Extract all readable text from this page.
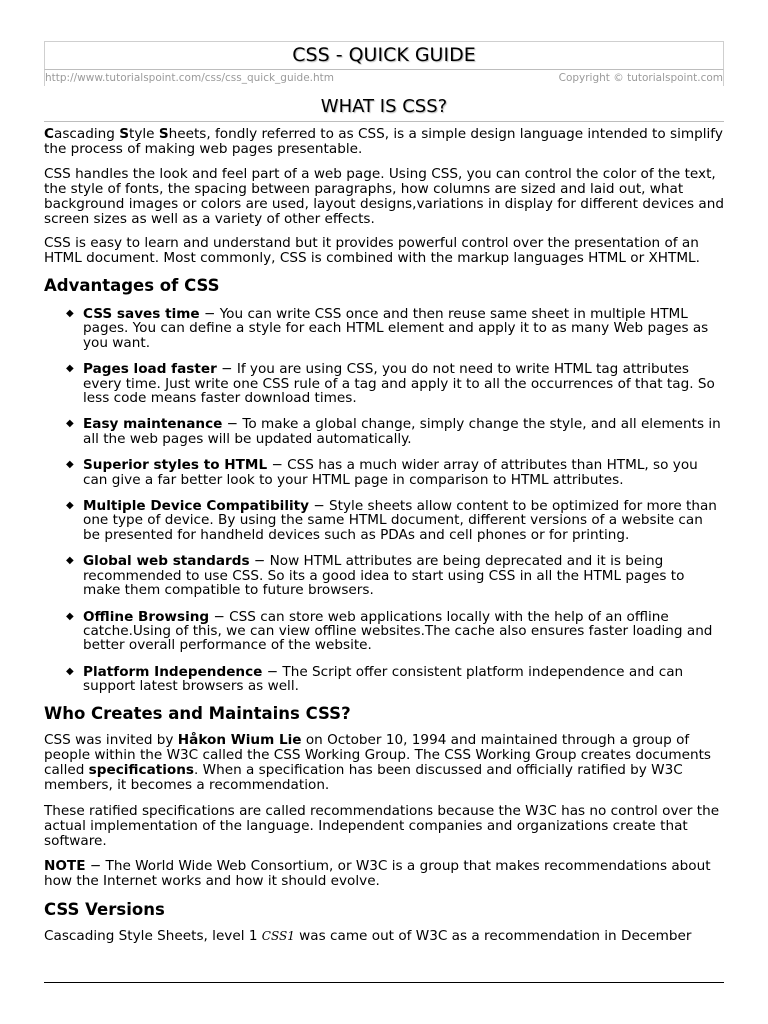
CSS - QUICK GUIDE
http://www.tutorialspoint.com/css/css_quick_guide.htm	Copyright © tutorialspoint.com
WHAT IS CSS?

Cascading Style Sheets, fondly referred to as CSS, is a simple design language intended to simplify the process of making web pages presentable.

CSS handles the look and feel part of a web page. Using CSS, you can control the color of the text, the style of fonts, the spacing between paragraphs, how columns are sized and laid out, what background images or colors are used, layout designs,variations in display for different devices and screen sizes as well as a variety of other effects.

CSS is easy to learn and understand but it provides powerful control over the presentation of an HTML document. Most commonly, CSS is combined with the markup languages HTML or XHTML.

Advantages of CSS
◆ CSS saves time − You can write CSS once and then reuse same sheet in multiple HTML pages. You can define a style for each HTML element and apply it to as many Web pages as you want.
◆ Pages load faster − If you are using CSS, you do not need to write HTML tag attributes every time. Just write one CSS rule of a tag and apply it to all the occurrences of that tag. So less code means faster download times.
◆ Easy maintenance − To make a global change, simply change the style, and all elements in all the web pages will be updated automatically.
◆ Superior styles to HTML − CSS has a much wider array of attributes than HTML, so you can give a far better look to your HTML page in comparison to HTML attributes.
◆ Multiple Device Compatibility − Style sheets allow content to be optimized for more than one type of device. By using the same HTML document, different versions of a website can be presented for handheld devices such as PDAs and cell phones or for printing.
◆ Global web standards − Now HTML attributes are being deprecated and it is being recommended to use CSS. So its a good idea to start using CSS in all the HTML pages to make them compatible to future browsers.
◆ Offline Browsing − CSS can store web applications locally with the help of an offline catche.Using of this, we can view offline websites.The cache also ensures faster loading and better overall performance of the website.
◆ Platform Independence − The Script offer consistent platform independence and can support latest browsers as well.
Who Creates and Maintains CSS?

CSS was invited by Håkon Wium Lie on October 10, 1994 and maintained through a group of people within the W3C called the CSS Working Group. The CSS Working Group creates documents called specifications. When a specification has been discussed and officially ratified by W3C members, it becomes a recommendation.

These ratified specifications are called recommendations because the W3C has no control over the actual implementation of the language. Independent companies and organizations create that software.

NOTE − The World Wide Web Consortium, or W3C is a group that makes recommendations about how the Internet works and how it should evolve.

CSS Versions

Cascading Style Sheets, level 1 CSS1 was came out of W3C as a recommendation in December
